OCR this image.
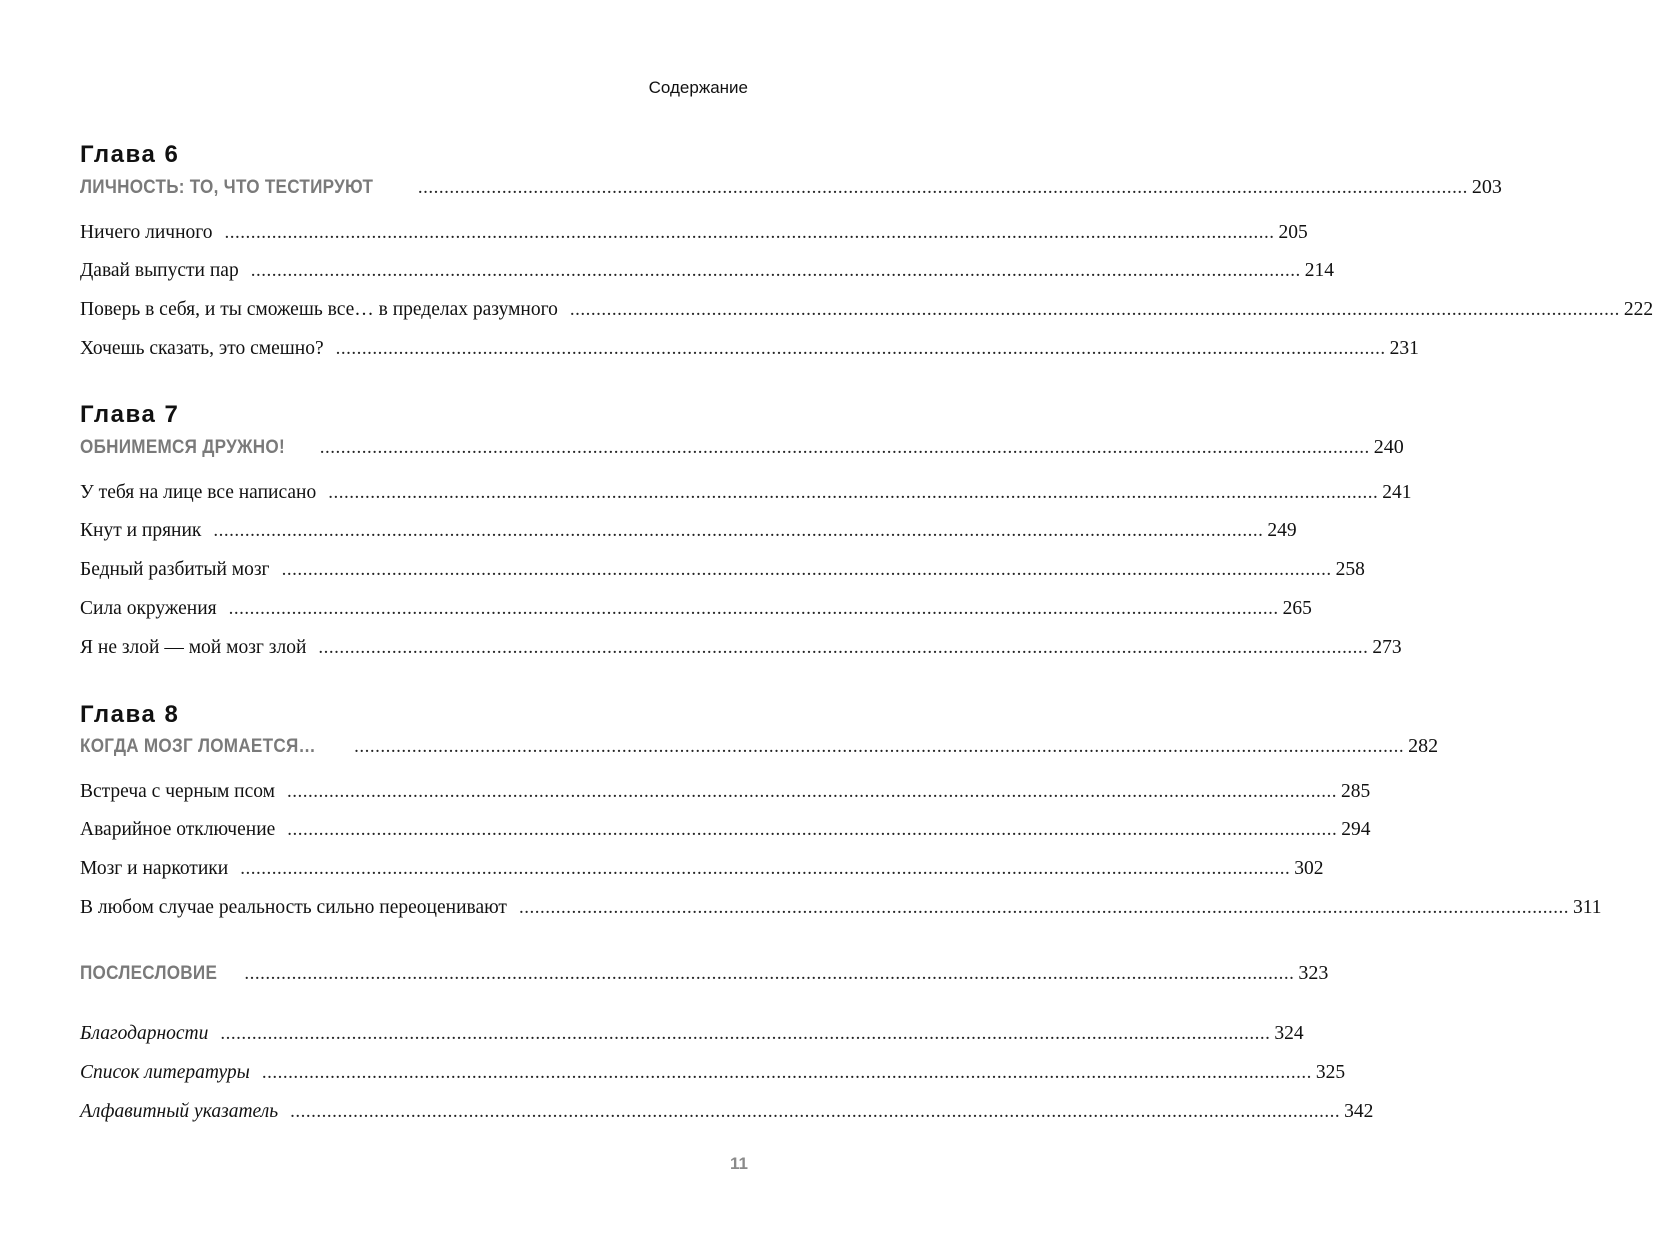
Содержание
Глава 6
ЛИЧНОСТЬ: ТО, ЧТО ТЕСТИРУЮТ ........................................................................................................................................................................................................ 203
Ничего личного ........................................................................................................................................................................................................ 205
Давай выпусти пар ........................................................................................................................................................................................................ 214
Поверь в себя, и ты сможешь все… в пределах разумного ........................................................................................................................................................................................................ 222
Хочешь сказать, это смешно? ........................................................................................................................................................................................................ 231
Глава 7
ОБНИМЕМСЯ ДРУЖНО! ........................................................................................................................................................................................................ 240
У тебя на лице все написано ........................................................................................................................................................................................................ 241
Кнут и пряник ........................................................................................................................................................................................................ 249
Бедный разбитый мозг ........................................................................................................................................................................................................ 258
Сила окружения ........................................................................................................................................................................................................ 265
Я не злой — мой мозг злой ........................................................................................................................................................................................................ 273
Глава 8
КОГДА МОЗГ ЛОМАЕТСЯ… ........................................................................................................................................................................................................ 282
Встреча с черным псом ........................................................................................................................................................................................................ 285
Аварийное отключение ........................................................................................................................................................................................................ 294
Мозг и наркотики ........................................................................................................................................................................................................ 302
В любом случае реальность сильно переоценивают ........................................................................................................................................................................................................ 311
ПОСЛЕСЛОВИЕ ........................................................................................................................................................................................................ 323
Благодарности ........................................................................................................................................................................................................ 324
Список литературы ........................................................................................................................................................................................................ 325
Алфавитный указатель ........................................................................................................................................................................................................ 342
11
